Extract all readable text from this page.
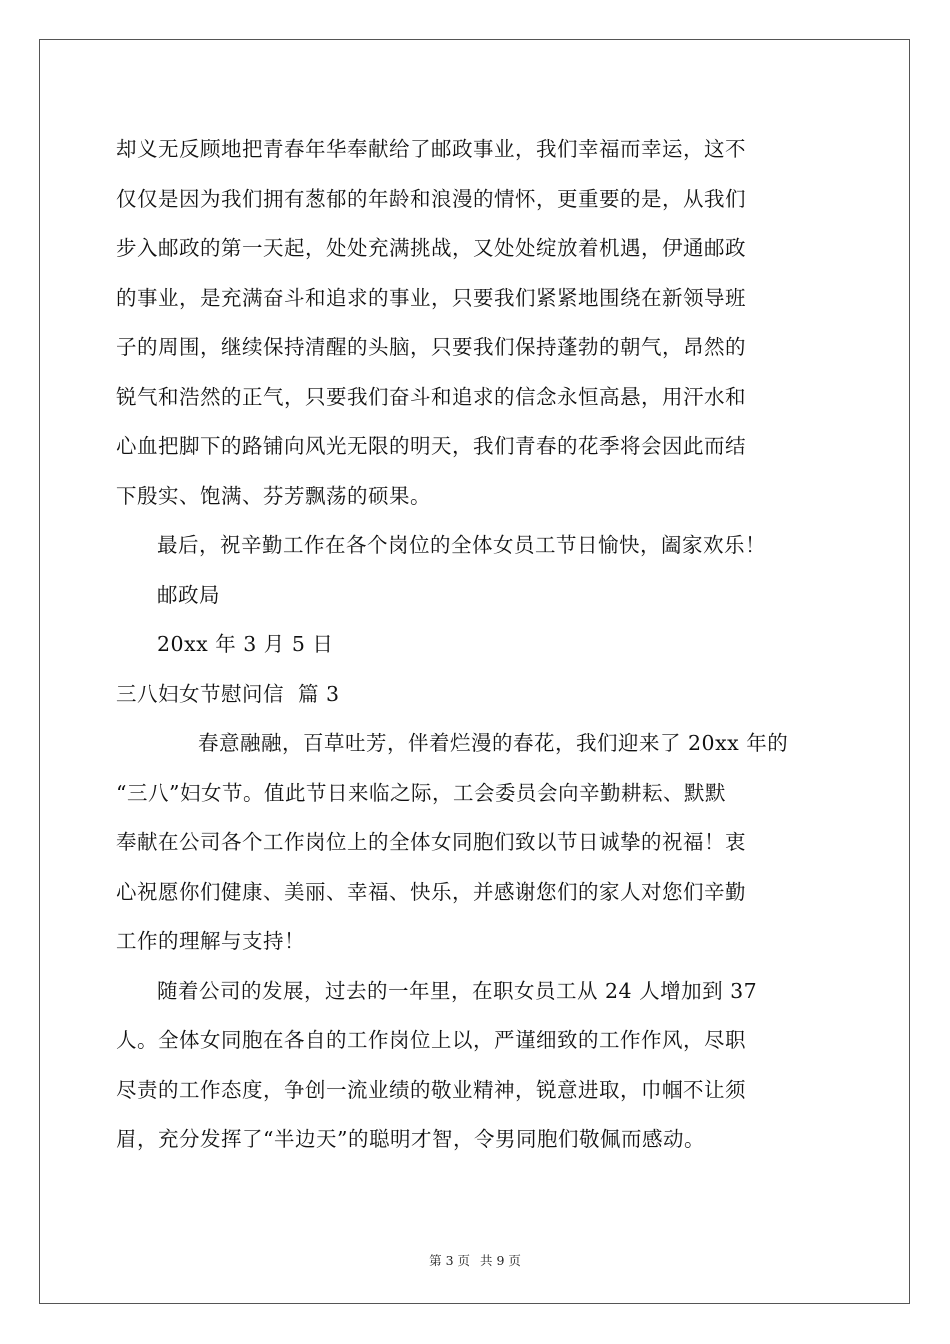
却义无反顾地把青春年华奉献给了邮政事业，我们幸福而幸运，这不
仅仅是因为我们拥有葱郁的年龄和浪漫的情怀，更重要的是，从我们
步入邮政的第一天起，处处充满挑战，又处处绽放着机遇，伊通邮政
的事业，是充满奋斗和追求的事业，只要我们紧紧地围绕在新领导班
子的周围，继续保持清醒的头脑，只要我们保持蓬勃的朝气，昂然的
锐气和浩然的正气，只要我们奋斗和追求的信念永恒高悬，用汗水和
心血把脚下的路铺向风光无限的明天，我们青春的花季将会因此而结
下殷实、饱满、芬芳飘荡的硕果。
最后，祝辛勤工作在各个岗位的全体女员工节日愉快，阖家欢乐！
邮政局
20xx 年 3 月 5 日
三八妇女节慰问信  篇 3
春意融融，百草吐芳，伴着烂漫的春花，我们迎来了 20xx 年的
“三八”妇女节。值此节日来临之际，工会委员会向辛勤耕耘、默默
奉献在公司各个工作岗位上的全体女同胞们致以节日诚挚的祝福！衷
心祝愿你们健康、美丽、幸福、快乐，并感谢您们的家人对您们辛勤
工作的理解与支持！
随着公司的发展，过去的一年里，在职女员工从 24 人增加到 37
人。全体女同胞在各自的工作岗位上以，严谨细致的工作作风，尽职
尽责的工作态度，争创一流业绩的敬业精神，锐意进取，巾帼不让须
眉，充分发挥了“半边天”的聪明才智，令男同胞们敬佩而感动。
第 3 页 共 9 页
